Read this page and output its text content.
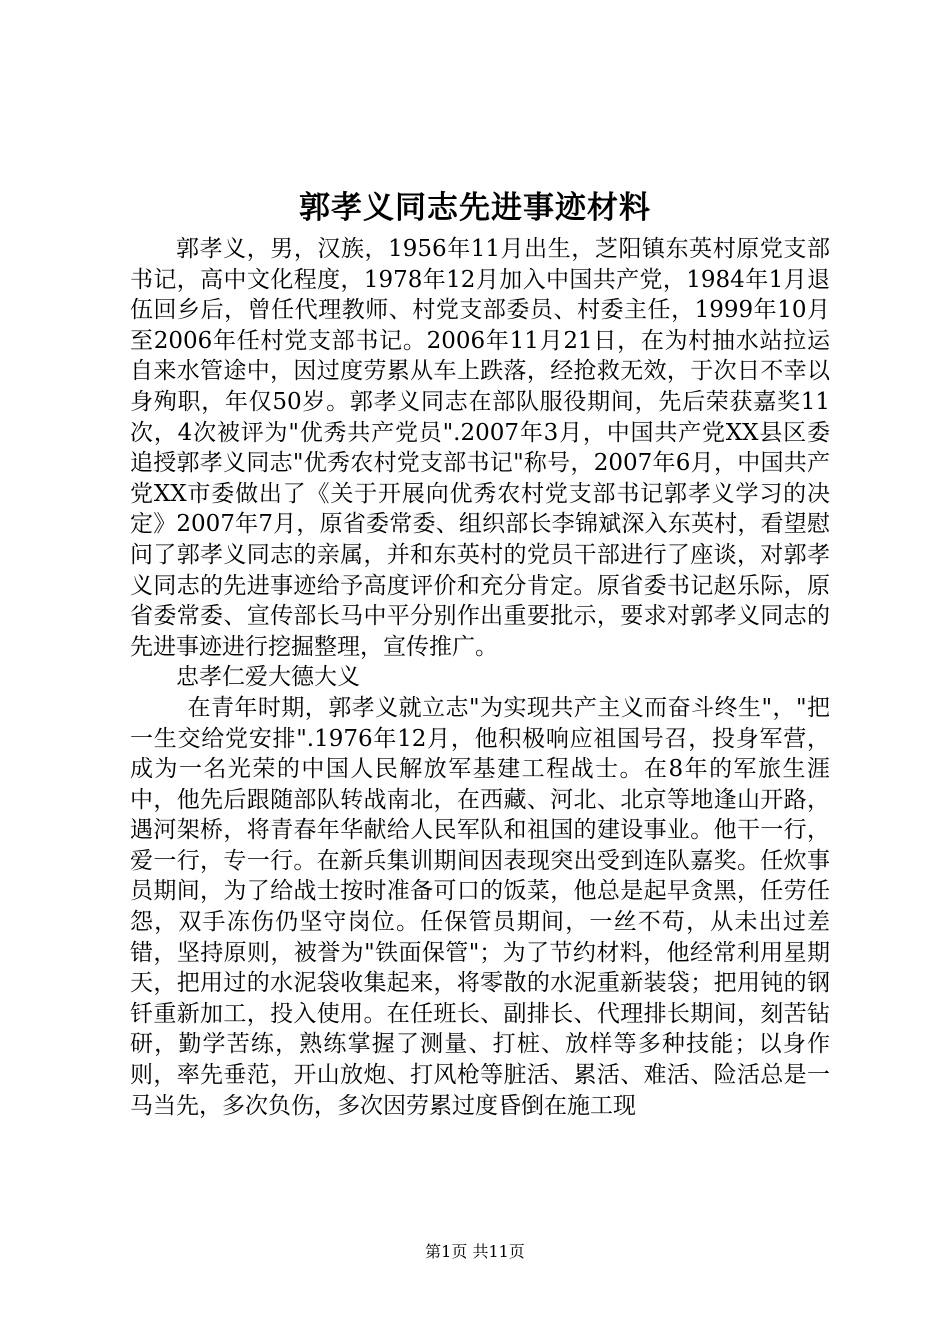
郭孝义同志先进事迹材料

郭孝义，男，汉族，1956年11月出生，芝阳镇东英村原党支部书记，高中文化程度，1978年12月加入中国共产党，1984年1月退伍回乡后，曾任代理教师、村党支部委员、村委主任，1999年10月至2006年任村党支部书记。2006年11月21日，在为村抽水站拉运自来水管途中，因过度劳累从车上跌落，经抢救无效，于次日不幸以身殉职，年仅50岁。郭孝义同志在部队服役期间，先后荣获嘉奖11次，4次被评为"优秀共产党员".2007年3月，中国共产党XX县区委追授郭孝义同志"优秀农村党支部书记"称号，2007年6月，中国共产党XX市委做出了《关于开展向优秀农村党支部书记郭孝义学习的决定》2007年7月，原省委常委、组织部长李锦斌深入东英村，看望慰问了郭孝义同志的亲属，并和东英村的党员干部进行了座谈，对郭孝义同志的先进事迹给予高度评价和充分肯定。原省委书记赵乐际，原省委常委、宣传部长马中平分别作出重要批示，要求对郭孝义同志的先进事迹进行挖掘整理，宣传推广。

忠孝仁爱大德大义

在青年时期，郭孝义就立志"为实现共产主义而奋斗终生"，"把一生交给党安排".1976年12月，他积极响应祖国号召，投身军营，成为一名光荣的中国人民解放军基建工程战士。在8年的军旅生涯中，他先后跟随部队转战南北，在西藏、河北、北京等地逢山开路，遇河架桥，将青春年华献给人民军队和祖国的建设事业。他干一行，爱一行，专一行。在新兵集训期间因表现突出受到连队嘉奖。任炊事员期间，为了给战士按时准备可口的饭菜，他总是起早贪黑，任劳任怨，双手冻伤仍坚守岗位。任保管员期间，一丝不苟，从未出过差错，坚持原则，被誉为"铁面保管"；为了节约材料，他经常利用星期天，把用过的水泥袋收集起来，将零散的水泥重新装袋；把用钝的钢钎重新加工，投入使用。在任班长、副排长、代理排长期间，刻苦钻研，勤学苦练，熟练掌握了测量、打桩、放样等多种技能；以身作则，率先垂范，开山放炮、打风枪等脏活、累活、难活、险活总是一马当先，多次负伤，多次因劳累过度昏倒在施工现

第1页 共11页
